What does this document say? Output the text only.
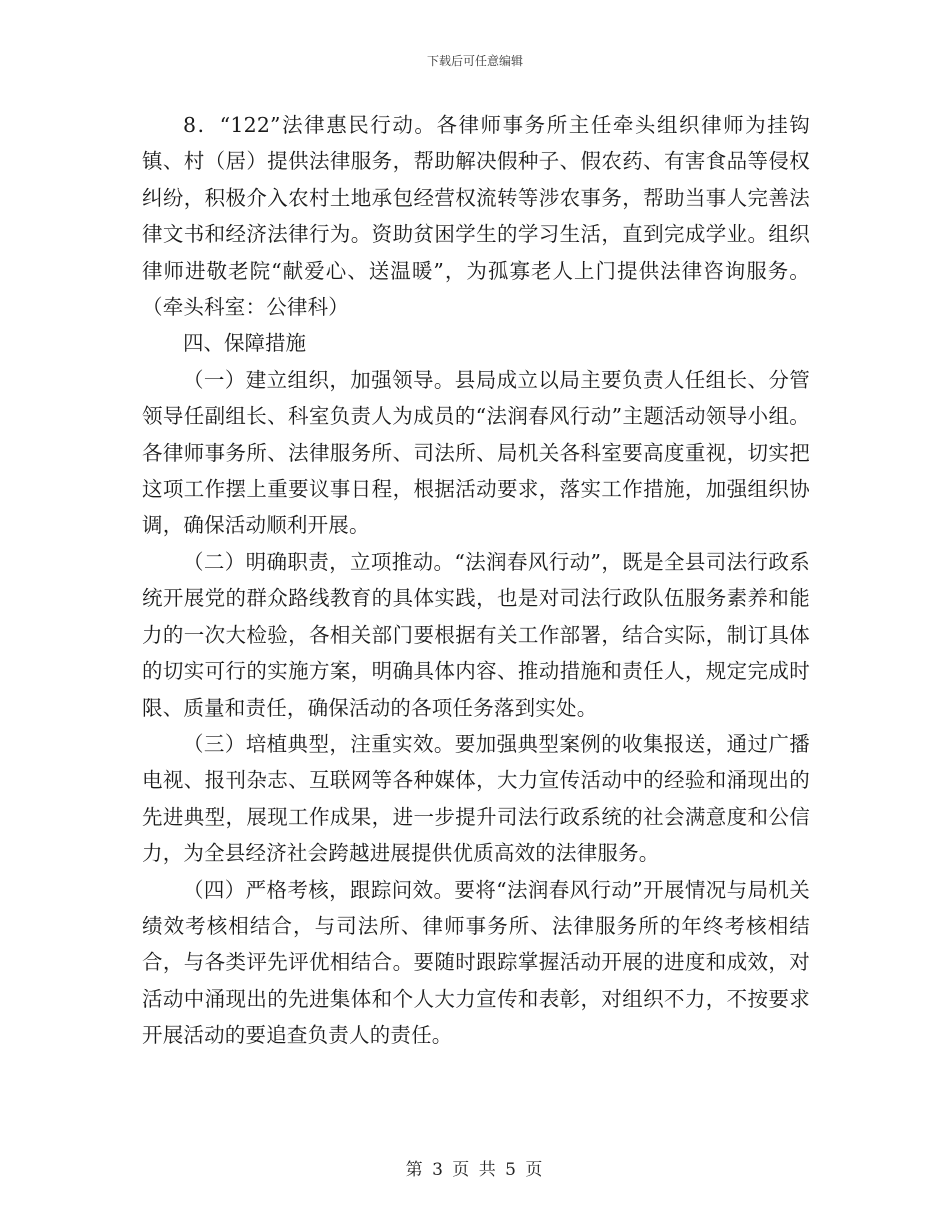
下载后可任意编辑

8．“122”法律惠民行动。各律师事务所主任牵头组织律师为挂钩镇、村（居）提供法律服务，帮助解决假种子、假农药、有害食品等侵权纠纷，积极介入农村土地承包经营权流转等涉农事务，帮助当事人完善法律文书和经济法律行为。资助贫困学生的学习生活，直到完成学业。组织律师进敬老院“献爱心、送温暖”，为孤寡老人上门提供法律咨询服务。（牵头科室：公律科）

四、保障措施

（一）建立组织，加强领导。县局成立以局主要负责人任组长、分管领导任副组长、科室负责人为成员的“法润春风行动”主题活动领导小组。各律师事务所、法律服务所、司法所、局机关各科室要高度重视，切实把这项工作摆上重要议事日程，根据活动要求，落实工作措施，加强组织协调，确保活动顺利开展。

（二）明确职责，立项推动。“法润春风行动”，既是全县司法行政系统开展党的群众路线教育的具体实践，也是对司法行政队伍服务素养和能力的一次大检验，各相关部门要根据有关工作部署，结合实际，制订具体的切实可行的实施方案，明确具体内容、推动措施和责任人，规定完成时限、质量和责任，确保活动的各项任务落到实处。

（三）培植典型，注重实效。要加强典型案例的收集报送，通过广播电视、报刊杂志、互联网等各种媒体，大力宣传活动中的经验和涌现出的先进典型，展现工作成果，进一步提升司法行政系统的社会满意度和公信力，为全县经济社会跨越进展提供优质高效的法律服务。

（四）严格考核，跟踪问效。要将“法润春风行动”开展情况与局机关绩效考核相结合，与司法所、律师事务所、法律服务所的年终考核相结合，与各类评先评优相结合。要随时跟踪掌握活动开展的进度和成效，对活动中涌现出的先进集体和个人大力宣传和表彰，对组织不力，不按要求开展活动的要追查负责人的责任。

第 3 页 共 5 页
